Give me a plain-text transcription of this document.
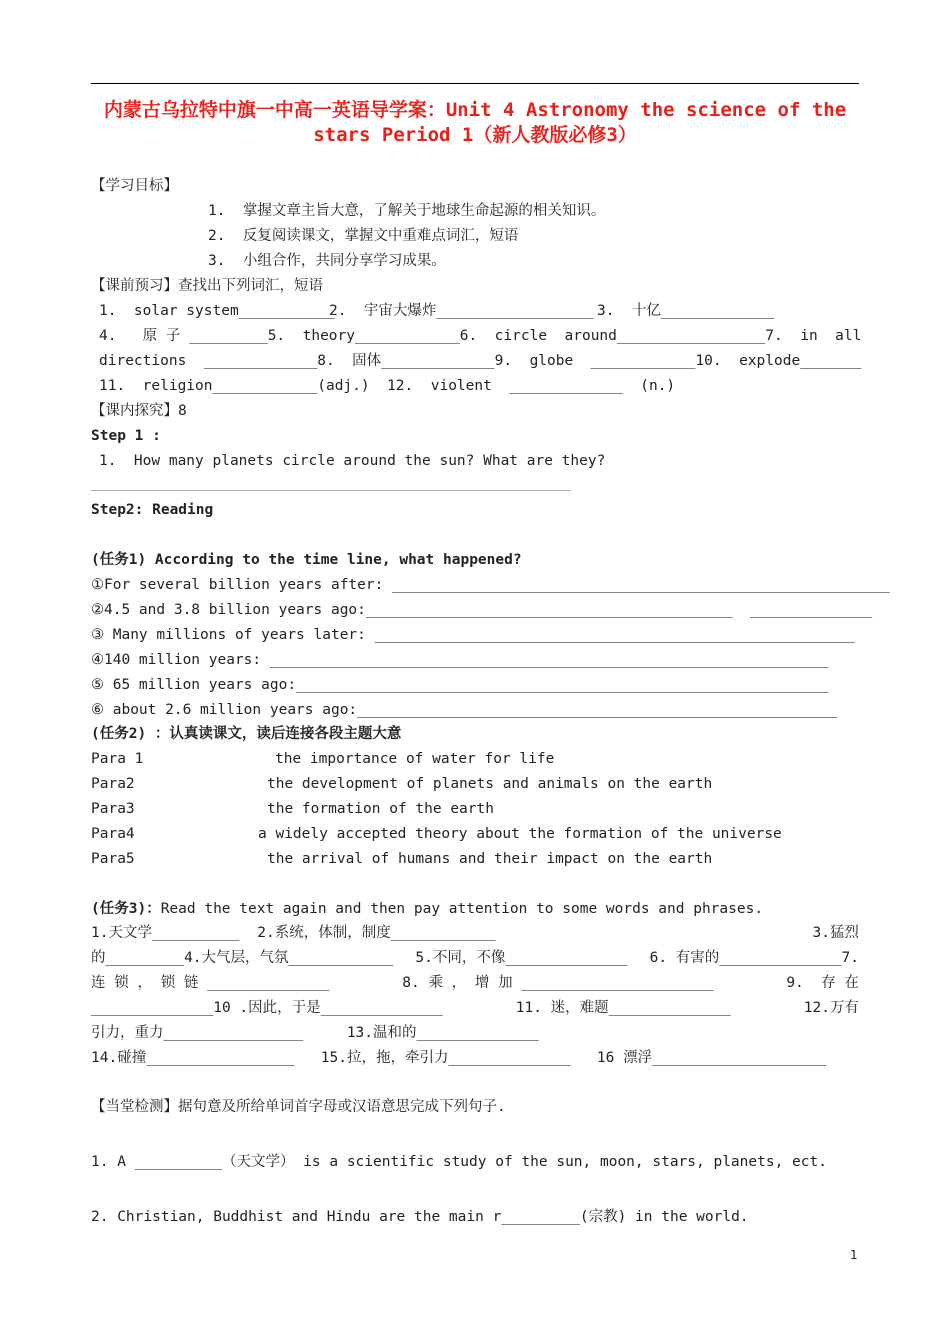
内蒙古乌拉特中旗一中高一英语导学案：Unit 4 Astronomy the science of the stars Period 1（新人教版必修3）
【学习目标】
1.  掌握文章主旨大意，了解关于地球生命起源的相关知识。
2.  反复阅读课文，掌握文中重难点词汇，短语
3.  小组合作，共同分享学习成果。
【课前预习】查找出下列词汇，短语
1.  solar system___________
2.  宇宙大爆炸__________________ 3.  十亿_____________
4.   原 子 _________ 5.  theory____________ 6.  circle  around_________________ 7.  in  all
directions  _____________ 8.  固体_____________ 9.  globe  ____________ 10.  explode_______
11.  religion____________(adj.)  12.  violent  _____________  (n.)
【课内探究】8
Step 1 :
1.  How many planets circle around the sun? What are they?
_____________________________________________________________________________________
Step2: Reading
(任务1) According to the time line, what happened?
①For several billion years after: _________________________________________________________
②4.5 and 3.8 billion years ago:__________________________________________  ______________
③ Many millions of years later: _______________________________________________________
④140 million years: ________________________________________________________________
⑤ 65 million years ago:_____________________________________________________________
⑥ about 2.6 million years ago:_______________________________________________________
(任务2) ：认真读课文，读后连接各段主题大意
Para 1	the importance of water for life
Para2	the development of planets and animals on the earth
Para3	the formation of the earth
Para4	a widely accepted theory about the formation of the universe
Para5	the arrival of humans and their impact on the earth
(任务3)：Read the text again and then pay attention to some words and phrases.
1.天文学__________ 2.系统，体制，制度____________	3.猛烈
的_________4.大气层，气氛____________ 5.不同，不像______________ 6. 有害的______________7.
连 锁 ， 锁 链 ______________	8. 乘 ， 增 加 ______________________	9.  存 在
______________10 .因此，于是______________	11. 迷，难题______________	12.万有
引力，重力________________     13.温和的______________
14.碰撞_________________   15.拉，拖，牵引力______________   16 漂浮____________________
【当堂检测】据句意及所给单词首字母或汉语意思完成下列句子.
1. A __________（天文学） is a scientific study of the sun, moon, stars, planets, ect.
2. Christian, Buddhist and Hindu are the main r_________(宗教) in the world.
1
